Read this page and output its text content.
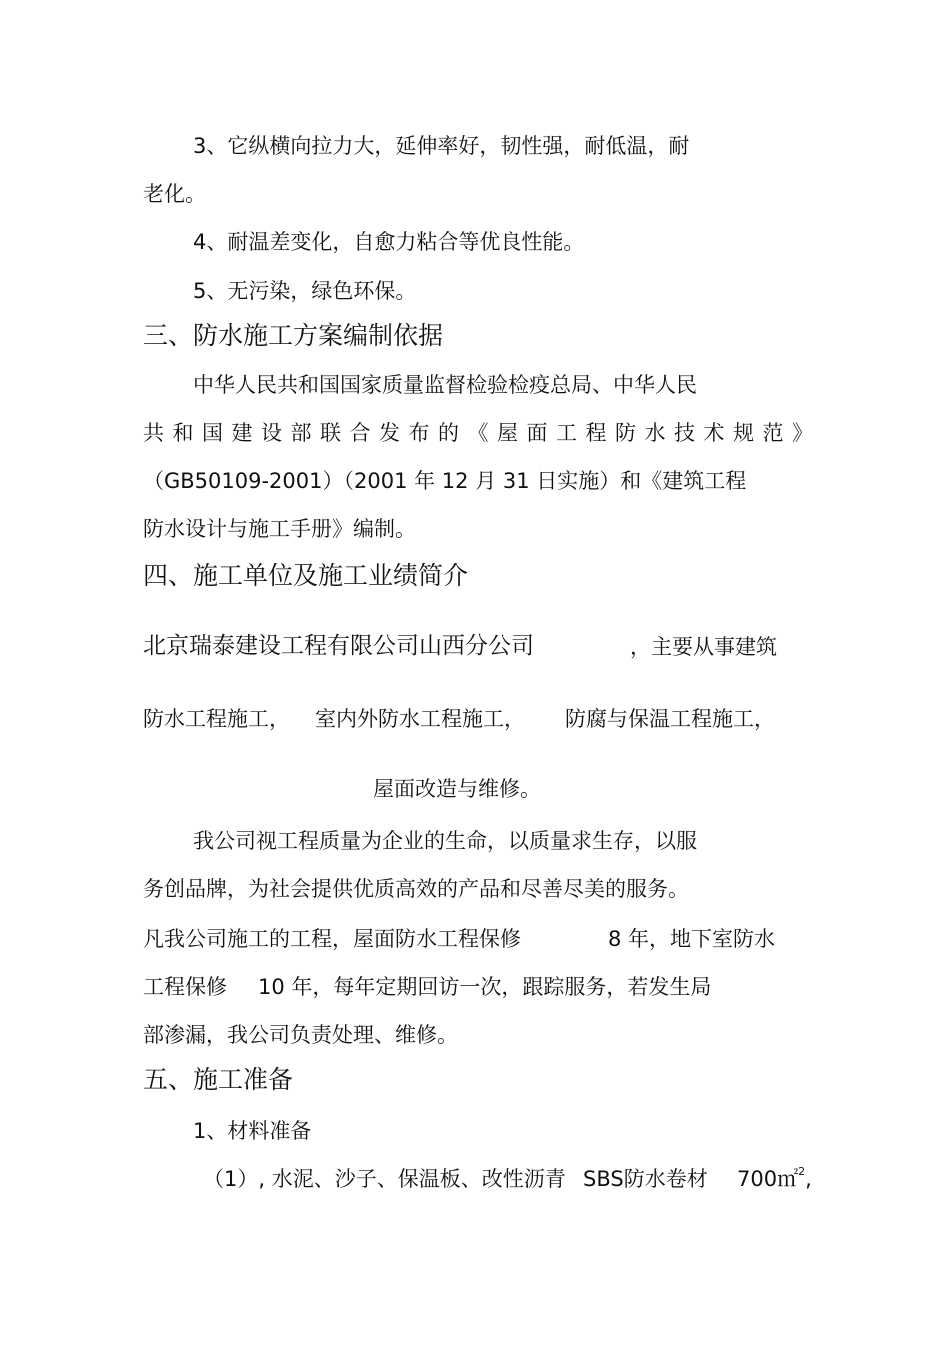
3、它纵横向拉力大，延伸率好，韧性强，耐低温，耐
老化。
4、耐温差变化，自愈力粘合等优良性能。
5、无污染，绿色环保。
三、防水施工方案编制依据
中华人民共和国国家质量监督检验检疫总局、中华人民
共和国建设部联合发布的《屋面工程防水技术规范》
（GB50109-2001）（2001 年 12 月 31 日实施）和《建筑工程
防水设计与施工手册》编制。
四、施工单位及施工业绩简介
北京瑞泰建设工程有限公司山西分公司	，主要从事建筑
防水工程施工， 室内外防水工程施工， 防腐与保温工程施工，
屋面改造与维修。
我公司视工程质量为企业的生命，以质量求生存，以服
务创品牌，为社会提供优质高效的产品和尽善尽美的服务。
凡我公司施工的工程，屋面防水工程保修	8 年，地下室防水
工程保修 10 年，每年定期回访一次，跟踪服务，若发生局
部渗漏，我公司负责处理、维修。
五、施工准备
1、材料准备
（1）, 水泥、沙子、保温板、改性沥青 SBS防水卷材 700㎡$^2$,
